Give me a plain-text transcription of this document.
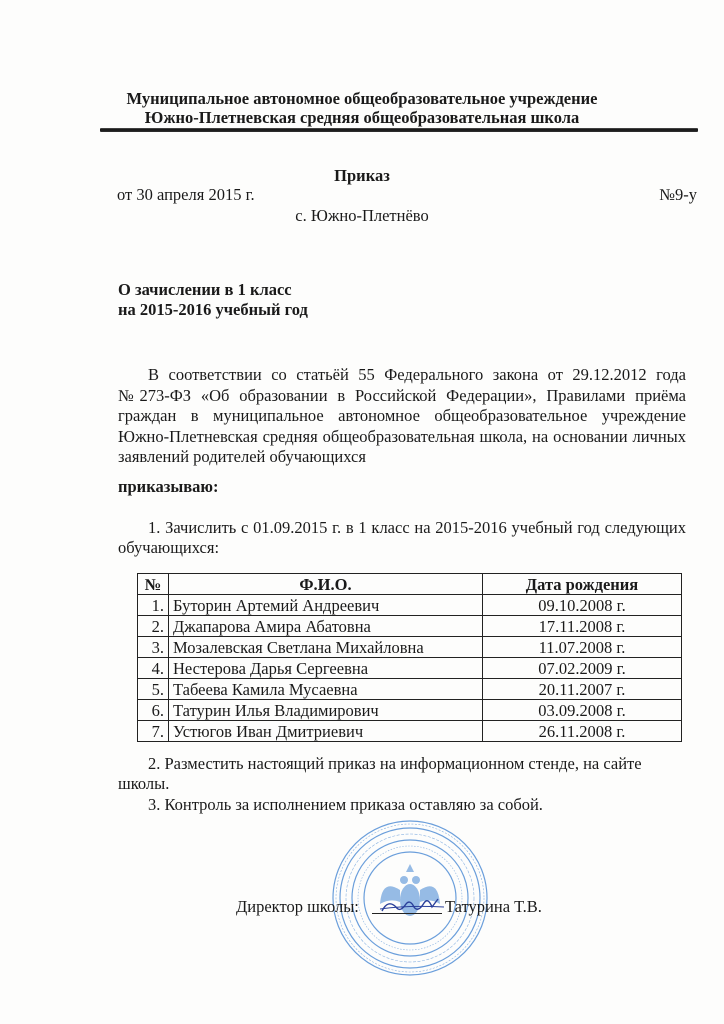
Муниципальное автономное общеобразовательное учреждение
Южно-Плетневская средняя общеобразовательная школа
Приказ
от 30 апреля 2015 г.	№9-у
с. Южно-Плетнёво
О зачислении в 1 класс
на 2015-2016 учебный год
В соответствии со статьёй 55 Федерального закона от 29.12.2012 года №273-ФЗ «Об образовании в Российской Федерации», Правилами приёма граждан в муниципальное автономное общеобразовательное учреждение Южно-Плетневская средняя общеобразовательная школа, на основании личных заявлений родителей обучающихся
приказываю:
1. Зачислить с 01.09.2015 г. в 1 класс на 2015-2016 учебный год следующих обучающихся:
№	Ф.И.О.	Дата рождения
1.	Буторин Артемий Андреевич	09.10.2008 г.
2.	Джапарова Амира Абатовна	17.11.2008 г.
3.	Мозалевская Светлана Михайловна	11.07.2008 г.
4.	Нестерова Дарья Сергеевна	07.02.2009 г.
5.	Табеева Камила Мусаевна	20.11.2007 г.
6.	Татурин Илья Владимирович	03.09.2008 г.
7.	Устюгов Иван Дмитриевич	26.11.2008 г.
2. Разместить настоящий приказ на информационном стенде, на сайте школы.
3. Контроль за исполнением приказа оставляю за собой.
Директор школы:	Татурина Т.В.
